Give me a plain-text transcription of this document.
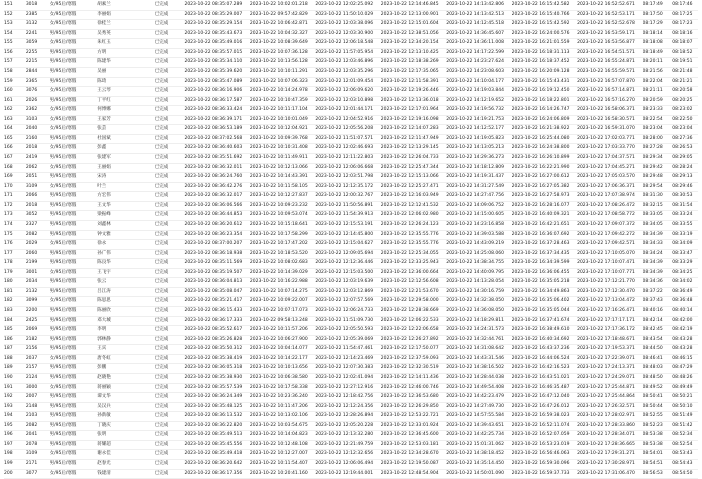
151	3018	女/95后/寒假	胡素兰	已完成	2023-10-22 08:35:07.289	2023-10-22 10:02:01.218	2023-10-22 12:02:25.092	2023-10-22 12:14:46.845	2023-10-22 14:13:42.806	2023-10-22 16:15:42.582	2023-10-22 16:52:52.671	08:17:49	08:17:46
152	2385	女/95后/寒假	李丽娟	已完成	2023-10-22 08:35:29.007	2023-10-22 09:57:42.829	2023-10-22 11:50:10.029	2023-10-22 12:13:00.901	2023-10-22 14:13:42.513	2023-10-22 16:15:40.766	2023-10-22 16:52:53.171	08:17:50	08:17:25
153	3132	女/95后/寒假	徐桂兰	已完成	2023-10-22 08:35:29.154	2023-10-22 10:06:42.871	2023-10-22 12:03:38.096	2023-10-22 12:15:01.604	2023-10-22 14:12:45.518	2023-10-22 16:15:42.592	2023-10-22 16:52:52.678	08:17:29	08:17:23
154	2241	男/95后/寒假	吴秀英	已完成	2023-10-22 08:35:43.673	2023-10-22 10:04:32.327	2023-10-22 12:03:30.900	2023-10-22 12:38:51.056	2023-10-22 14:36:45.607	2023-10-22 16:24:00.576	2023-10-22 16:53:59.171	08:18:14	08:18:16
155	3059	女/95后/寒假	朱红玉	已完成	2023-10-22 08:35:49.016	2023-10-22 10:08:39.649	2023-10-22 12:06:18.548	2023-10-22 12:34:20.154	2023-10-22 14:36:11.008	2023-10-22 16:21:01.559	2023-10-22 16:53:56.877	08:18:08	08:18:07
156	2255	男/95后/寒假	方明	已完成	2023-10-22 08:35:57.015	2023-10-22 10:07:36.128	2023-10-22 11:57:05.954	2023-10-22 12:13:10.425	2023-10-22 14:17:22.599	2023-10-22 16:18:31.113	2023-10-22 16:54:51.571	08:18:49	08:18:52
157	2215	男/95后/寒假	陈建华	已完成	2023-10-22 08:35:34.110	2023-10-22 10:13:56.128	2023-10-22 12:03:46.896	2023-10-22 12:18:38.269	2023-10-22 14:23:27.624	2023-10-22 16:18:37.452	2023-10-22 16:55:24.871	08:20:11	08:19:51
158	2844	男/95后/寒假	吴丽	已完成	2023-10-22 08:35:39.620	2023-10-22 10:10:11.291	2023-10-22 12:03:35.296	2023-10-22 12:17:35.065	2023-10-22 14:23:08.603	2023-10-22 16:20:09.128	2023-10-22 16:55:59.571	08:21:56	08:21:48
159	2365	男/95后/寒假	陈琦	已完成	2023-10-22 08:35:47.089	2023-10-22 10:07:06.323	2023-10-22 12:01:09.454	2023-10-22 12:11:58.391	2023-10-22 14:10:04.177	2023-10-22 16:15:43.431	2023-10-22 16:57:07.870	08:22:04	08:21:21
160	3076	女/95后/寒假	王云琴	已完成	2023-10-22 08:36:16.906	2023-10-22 10:14:24.978	2023-10-22 12:06:09.620	2023-10-22 12:19:26.446	2023-10-22 14:19:03.844	2023-10-22 16:19:12.450	2023-10-22 16:57:14.871	08:21:11	08:20:58
161	2026	男/95后/寒假	丁平红	已完成	2023-10-22 08:36:17.587	2023-10-22 10:10:47.359	2023-10-22 12:03:10.898	2023-10-22 12:13:36.018	2023-10-22 14:12:19.652	2023-10-22 16:18:22.801	2023-10-22 16:57:16.270	08:20:59	08:20:25
162	2362	女/95后/寒假	何博娜	已完成	2023-10-22 08:36:33.424	2023-10-22 10:11:17.104	2023-10-22 12:01:44.171	2023-10-22 12:17:01.964	2023-10-22 14:19:56.732	2023-10-22 16:14:26.747	2023-10-22 16:58:06.371	08:23:33	08:23:02
163	3103	女/95后/寒假	王家芳	已完成	2023-10-22 08:36:39.171	2023-10-22 10:10:01.049	2023-10-22 12:04:52.916	2023-10-22 12:19:16.098	2023-10-22 14:19:21.753	2023-10-22 16:24:06.809	2023-10-22 16:58:30.571	08:22:54	08:22:50
164	2040	女/95后/寒假	张芸	已完成	2023-10-22 08:36:53.189	2023-10-22 10:12:04.921	2023-10-22 12:05:56.208	2023-10-22 12:14:07.283	2023-10-22 14:12:52.177	2023-10-22 16:21:38.922	2023-10-22 16:59:31.070	08:23:04	08:23:04
165	2160	男/95后/寒假	杜国斌	已完成	2023-10-22 08:37:02.568	2023-10-22 10:09:39.768	2023-10-22 11:51:07.571	2023-10-22 12:11:47.949	2023-10-22 14:19:05.823	2023-10-22 16:25:44.080	2023-10-22 17:02:03.771	08:28:00	08:27:36
166	2018	女/95后/寒假	彭鑫	已完成	2023-10-22 08:36:40.603	2023-10-22 10:10:31.408	2023-10-22 12:02:46.693	2023-10-22 12:13:29.145	2023-10-22 14:13:05.213	2023-10-22 16:24:38.800	2023-10-22 17:03:33.770	08:27:28	08:26:53
167	2419	男/95后/寒假	张建军	已完成	2023-10-22 08:35:51.692	2023-10-22 10:11:49.911	2023-10-22 12:11:22.803	2023-10-22 12:26:04.733	2023-10-22 14:29:36.273	2023-10-22 16:26:10.899	2023-10-22 17:04:37.571	08:29:34	08:29:05
168	2062	女/95后/寒假	王丽娟	已完成	2023-10-22 08:36:32.011	2023-10-22 10:12:13.066	2023-10-22 12:06:06.668	2023-10-22 12:25:47.344	2023-10-22 14:18:12.809	2023-10-22 16:22:21.990	2023-10-22 17:04:45.271	08:29:42	08:28:24
169	2051	男/95后/寒假	宋涛	已完成	2023-10-22 08:36:24.760	2023-10-22 10:14:43.391	2023-10-22 12:03:51.798	2023-10-22 12:15:13.066	2023-10-22 14:19:31.437	2023-10-22 16:27:00.612	2023-10-22 17:05:03.570	08:29:48	08:29:13
170	3109	女/95后/寒假	叶兰	已完成	2023-10-22 08:36:42.276	2023-10-22 10:11:58.105	2023-10-22 12:12:35.172	2023-10-22 12:25:27.471	2023-10-22 14:31:27.549	2023-10-22 16:27:05.382	2023-10-22 17:06:36.371	08:29:54	08:29:46
171	2066	男/95后/寒假	方宏伟	已完成	2023-10-22 08:36:32.017	2023-10-22 10:12:27.837	2023-10-22 12:00:32.767	2023-10-22 12:16:03.949	2023-10-22 14:27:47.756	2023-10-22 16:27:58.973	2023-10-22 17:07:38.974	08:31:30	08:30:53
172	2018	男/95后/寒假	王文华	已完成	2023-10-22 08:36:06.566	2023-10-22 10:09:23.232	2023-10-22 11:50:56.891	2023-10-22 12:12:41.532	2023-10-22 14:09:06.752	2023-10-22 16:28:16.077	2023-10-22 17:08:26.472	08:32:15	08:31:54
173	3052	男/95后/寒假	梁振峰	已完成	2023-10-22 08:36:44.853	2023-10-22 10:09:53.074	2023-10-22 11:54:39.913	2023-10-22 12:06:02.980	2023-10-22 14:15:00.605	2023-10-22 16:40:09.321	2023-10-22 17:08:58.772	08:33:05	08:33:24
174	2327	男/95后/寒假	刘鑫林	已完成	2023-10-22 08:36:20.612	2023-10-22 10:15:18.641	2023-10-22 12:15:53.191	2023-10-22 12:26:24.123	2023-10-22 14:23:16.858	2023-10-22 16:42:21.651	2023-10-22 17:09:07.372	08:34:05	08:33:55
175	2082	男/95后/寒假	钟文雅	已完成	2023-10-22 08:36:23.354	2023-10-22 10:17:58.299	2023-10-22 12:14:45.800	2023-10-22 12:35:55.776	2023-10-22 14:39:03.588	2023-10-22 16:36:07.692	2023-10-22 17:09:42.272	08:34:39	08:33:19
176	2029	女/95后/寒假	徐永	已完成	2023-10-22 08:37:00.207	2023-10-22 10:17:47.202	2023-10-22 12:15:04.627	2023-10-22 12:35:55.776	2023-10-22 14:43:09.219	2023-10-22 16:37:28.463	2023-10-22 17:09:42.571	08:34:33	08:34:09
177	2060	男/95后/寒假	孙广伟	已完成	2023-10-22 08:36:18.938	2023-10-22 10:18:53.520	2023-10-22 12:09:05.694	2023-10-22 12:25:34.055	2023-10-22 14:25:08.060	2023-10-22 16:37:34.435	2023-10-22 17:10:05.070	08:34:24	08:33:47
178	2199	男/95后/寒假	陈良华	已完成	2023-10-22 08:35:11.569	2023-10-22 10:08:02.683	2023-10-22 12:12:36.446	2023-10-22 12:33:25.943	2023-10-22 14:38:34.755	2023-10-22 16:34:39.599	2023-10-22 17:10:07.471	08:34:39	08:33:29
179	3001	女/95后/寒假	王飞宇	已完成	2023-10-22 08:35:19.507	2023-10-22 10:14:39.029	2023-10-22 12:15:03.500	2023-10-22 12:36:00.664	2023-10-22 14:40:09.795	2023-10-22 16:36:06.455	2023-10-22 17:10:07.771	08:34:39	08:34:25
180	2034	男/95后/寒假	张云	已完成	2023-10-22 08:36:04.813	2023-10-22 10:16:22.988	2023-10-22 12:03:19.639	2023-10-22 12:12:56.608	2023-10-22 14:13:28.054	2023-10-22 16:35:05.218	2023-10-22 17:12:21.770	08:34:36	08:34:02
181	2132	男/95后/寒假	吕江涛	已完成	2023-10-22 08:35:08.047	2023-10-22 10:07:14.275	2023-10-22 12:03:12.869	2023-10-22 12:21:53.670	2023-10-22 14:30:16.759	2023-10-22 16:34:49.863	2023-10-22 17:12:30.470	08:37:22	08:36:49
182	3099	女/95后/寒假	陈思思	已完成	2023-10-22 08:35:21.417	2023-10-22 10:09:22.007	2023-10-22 12:07:57.569	2023-10-22 12:29:58.000	2023-10-22 14:32:38.050	2023-10-22 16:35:06.402	2023-10-22 17:13:04.472	08:37:43	08:36:48
183	2200	男/95后/寒假	陈丽欣	已完成	2023-10-22 08:36:15.433	2023-10-22 10:07:17.073	2023-10-22 12:06:24.733	2023-10-22 12:28:38.669	2023-10-22 14:36:08.050	2023-10-22 16:35:05.044	2023-10-22 17:16:26.471	08:40:16	08:40:14
184	2425	男/95后/寒假	邓大城	已完成	2023-10-22 08:36:17.333	2023-10-22 09:58:13.248	2023-10-22 11:51:09.730	2023-10-22 12:06:22.533	2023-10-22 14:18:29.811	2023-10-22 16:37:41.674	2023-10-22 17:17:17.171	08:42:14	08:42:00
185	2069	男/95后/寒假	李明	已完成	2023-10-22 08:35:52.617	2023-10-22 10:11:57.206	2023-10-22 12:05:50.593	2023-10-22 12:22:06.658	2023-10-22 14:24:31.573	2023-10-22 16:38:49.610	2023-10-22 17:17:36.172	08:42:45	08:42:19
186	2182	男/95后/寒假	郭林静	已完成	2023-10-22 08:35:26.828	2023-10-22 10:06:27.900	2023-10-22 12:05:39.069	2023-10-22 12:26:27.892	2023-10-22 14:32:44.761	2023-10-22 16:40:34.692	2023-10-22 17:18:48.671	08:43:54	08:43:28
187	2156	男/95后/寒假	王宾	已完成	2023-10-22 08:35:50.312	2023-10-22 10:04:14.077	2023-10-22 11:54:47.461	2023-10-22 12:17:50.077	2023-10-22 14:31:08.642	2023-10-22 16:43:37.236	2023-10-22 17:19:53.371	08:44:50	08:43:28
188	2037	女/95后/寒假	唐冬虹	已完成	2023-10-22 08:35:38.419	2023-10-22 10:14:22.177	2023-10-22 12:14:23.469	2023-10-22 12:37:59.093	2023-10-22 14:43:31.546	2023-10-22 16:44:06.524	2023-10-22 17:22:39.071	08:46:41	08:46:15
189	2157	男/95后/寒假	彭鹏	已完成	2023-10-22 08:36:05.318	2023-10-22 10:10:13.656	2023-10-22 12:07:30.383	2023-10-22 12:32:30.519	2023-10-22 14:38:16.502	2023-10-22 16:42:16.523	2023-10-22 17:24:13.371	08:48:03	08:47:29
190	2124	男/95后/寒假	赵晓艳	已完成	2023-10-22 08:35:38.930	2023-10-22 10:06:38.580	2023-10-22 12:02:41.094	2023-10-22 12:14:11.436	2023-10-22 14:28:44.038	2023-10-22 16:43:51.021	2023-10-22 17:24:29.071	08:48:50	08:48:26
191	3000	女/95后/寒假	蒋丽颖	已完成	2023-10-22 08:35:57.539	2023-10-22 10:17:58.338	2023-10-22 12:27:12.916	2023-10-22 12:46:00.746	2023-10-22 14:49:54.408	2023-10-22 16:46:35.487	2023-10-22 17:25:44.871	08:49:52	08:49:49
192	2007	男/95后/寒假	谭文华	已完成	2023-10-22 08:36:24.349	2023-10-22 10:23:36.240	2023-10-22 12:18:42.756	2023-10-22 12:36:53.680	2023-10-22 14:42:23.479	2023-10-22 16:47:12.040	2023-10-22 17:25:44.864	08:50:41	08:50:21
193	2148	男/95后/寒假	吴汉兵	已完成	2023-10-22 08:35:48.125	2023-10-22 10:11:47.206	2023-10-22 12:12:24.356	2023-10-22 12:26:29.850	2023-10-22 14:27:49.730	2023-10-22 16:47:26.012	2023-10-22 17:26:32.571	08:50:44	08:50:10
194	2103	男/95后/寒假	孙新敏	已完成	2023-10-22 08:36:13.532	2023-10-22 10:13:02.106	2023-10-22 12:28:26.894	2023-10-22 12:53:22.721	2023-10-22 14:57:55.584	2023-10-22 16:59:38.023	2023-10-22 17:28:02.971	08:52:55	08:51:49
195	2082	男/95后/寒假	丁晓庆	已完成	2023-10-22 08:36:22.820	2023-10-22 10:03:54.675	2023-10-22 12:05:20.228	2023-10-22 12:33:01.924	2023-10-22 14:39:43.651	2023-10-22 16:52:11.074	2023-10-22 17:28:33.860	08:52:23	08:51:42
196	2041	男/95后/寒假	张明	已完成	2023-10-22 08:35:49.513	2023-10-22 10:14:04.823	2023-10-22 12:13:32.280	2023-10-22 12:36:45.600	2023-10-22 14:42:25.734	2023-10-22 16:52:07.059	2023-10-22 17:28:34.071	08:53:38	08:52:34
197	2078	男/95后/寒假	蒋耀超	已完成	2023-10-22 08:35:45.556	2023-10-22 10:12:48.108	2023-10-22 12:21:49.759	2023-10-22 12:53:03.181	2023-10-22 15:01:31.062	2023-10-22 16:53:23.019	2023-10-22 17:28:36.665	08:53:38	08:52:54
198	3109	女/95后/寒假	谢永佳	已完成	2023-10-22 08:35:49.418	2023-10-22 10:12:27.007	2023-10-22 12:12:32.656	2023-10-22 12:34:28.670	2023-10-22 14:38:18.452	2023-10-22 16:56:46.063	2023-10-22 17:29:31.271	08:54:01	08:53:43
199	2171	男/95后/寒假	赵春光	已完成	2023-10-22 08:36:20.642	2023-10-22 10:11:54.407	2023-10-22 12:06:06.494	2023-10-22 12:19:50.087	2023-10-22 14:35:14.450	2023-10-22 16:59:30.096	2023-10-22 17:30:28.971	08:54:51	08:54:43
200	3077	女/95后/寒假	钱建清	已完成	2023-10-22 08:36:17.356	2023-10-22 10:20:41.160	2023-10-22 12:19:44.001	2023-10-22 12:48:54.904	2023-10-22 14:50:01.090	2023-10-22 16:59:37.733	2023-10-22 17:31:06.470	08:56:53	08:54:50
